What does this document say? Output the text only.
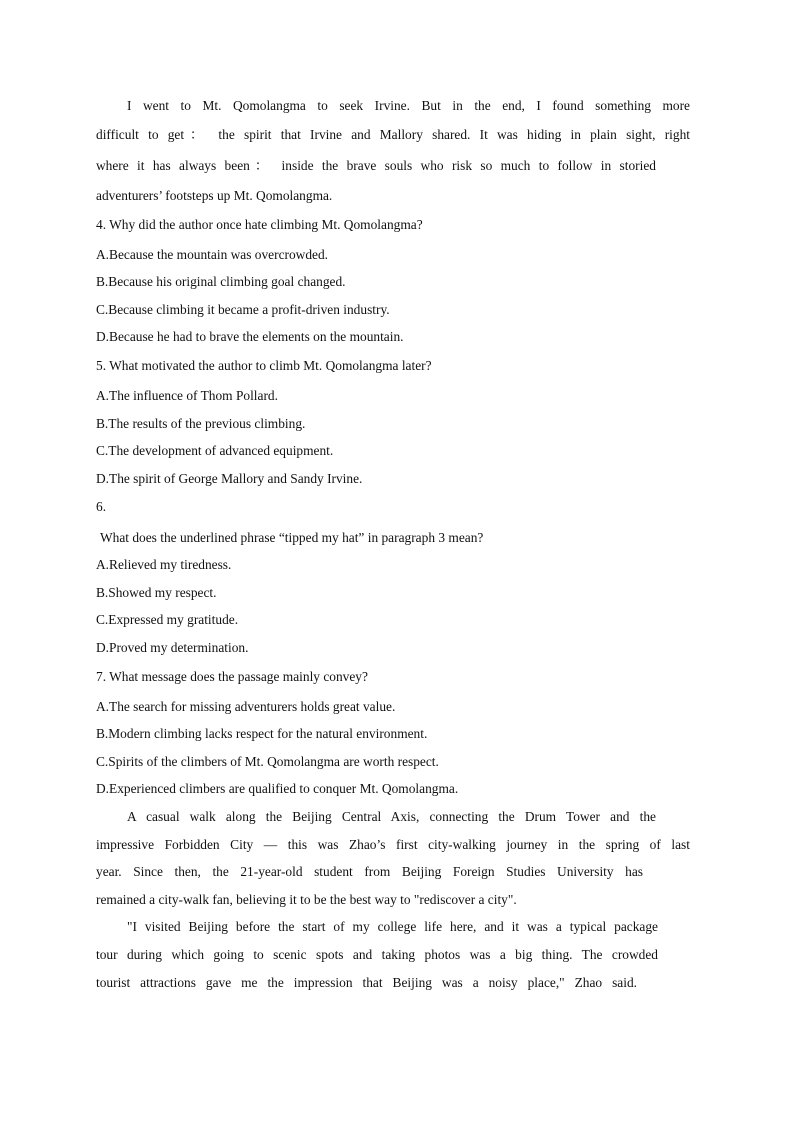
I went to Mt. Qomolangma to seek Irvine. But in the end, I found something more
difficult to get： the spirit that Irvine and Mallory shared. It was hiding in plain sight, right
where it has always been： inside the brave souls who risk so much to follow in storied
adventurers’ footsteps up Mt. Qomolangma.
4. Why did the author once hate climbing Mt. Qomolangma?
A.Because the mountain was overcrowded.
B.Because his original climbing goal changed.
C.Because climbing it became a profit-driven industry.
D.Because he had to brave the elements on the mountain.
5. What motivated the author to climb Mt. Qomolangma later?
A.The influence of Thom Pollard.
B.The results of the previous climbing.
C.The development of advanced equipment.
D.The spirit of George Mallory and Sandy Irvine.
6.
What does the underlined phrase “tipped my hat” in paragraph 3 mean?
A.Relieved my tiredness.
B.Showed my respect.
C.Expressed my gratitude.
D.Proved my determination.
7. What message does the passage mainly convey?
A.The search for missing adventurers holds great value.
B.Modern climbing lacks respect for the natural environment.
C.Spirits of the climbers of Mt. Qomolangma are worth respect.
D.Experienced climbers are qualified to conquer Mt. Qomolangma.
A casual walk along the Beijing Central Axis, connecting the Drum Tower and the
impressive Forbidden City — this was Zhao’s first city-walking journey in the spring of last
year. Since then, the 21-year-old student from Beijing Foreign Studies University has
remained a city-walk fan, believing it to be the best way to "rediscover a city".
"I visited Beijing before the start of my college life here, and it was a typical package
tour during which going to scenic spots and taking photos was a big thing. The crowded
tourist attractions gave me the impression that Beijing was a noisy place," Zhao said.
